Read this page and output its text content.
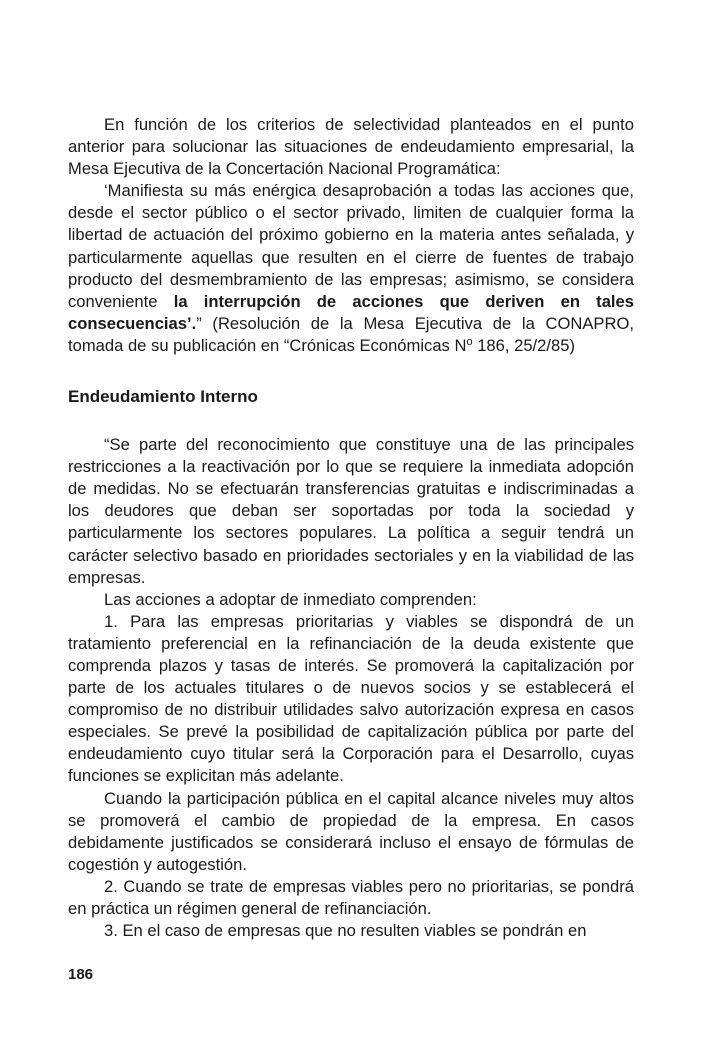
En función de los criterios de selectividad planteados en el punto anterior para solucionar las situaciones de endeudamiento empresarial, la Mesa Ejecutiva de la Concertación Nacional Programática:

‘Manifiesta su más enérgica desaprobación a todas las acciones que, desde el sector público o el sector privado, limiten de cualquier forma la libertad de actuación del próximo gobierno en la materia antes señalada, y particularmente aquellas que resulten en el cierre de fuentes de trabajo producto del desmembramiento de las empresas; asimismo, se considera conveniente la interrupción de acciones que deriven en tales consecuencias’.” (Resolución de la Mesa Ejecutiva de la CONAPRO, tomada de su publicación en “Crónicas Económicas $N^o$ 186, 25/2/85)

Endeudamiento Interno

“Se parte del reconocimiento que constituye una de las principales restricciones a la reactivación por lo que se requiere la inmediata adopción de medidas. No se efectuarán transferencias gratuitas e indiscriminadas a los deudores que deban ser soportadas por toda la sociedad y particularmente los sectores populares. La política a seguir tendrá un carácter selectivo basado en prioridades sectoriales y en la viabilidad de las empresas.

Las acciones a adoptar de inmediato comprenden:

1. Para las empresas prioritarias y viables se dispondrá de un tratamiento preferencial en la refinanciación de la deuda existente que comprenda plazos y tasas de interés. Se promoverá la capitalización por parte de los actuales titulares o de nuevos socios y se establecerá el compromiso de no distribuir utilidades salvo autorización expresa en casos especiales. Se prevé la posibilidad de capitalización pública por parte del endeudamiento cuyo titular será la Corporación para el Desarrollo, cuyas funciones se explicitan más adelante.

Cuando la participación pública en el capital alcance niveles muy altos se promoverá el cambio de propiedad de la empresa. En casos debidamente justificados se considerará incluso el ensayo de fórmulas de cogestión y autogestión.

2. Cuando se trate de empresas viables pero no prioritarias, se pondrá en práctica un régimen general de refinanciación.

3. En el caso de empresas que no resulten viables se pondrán en

186
